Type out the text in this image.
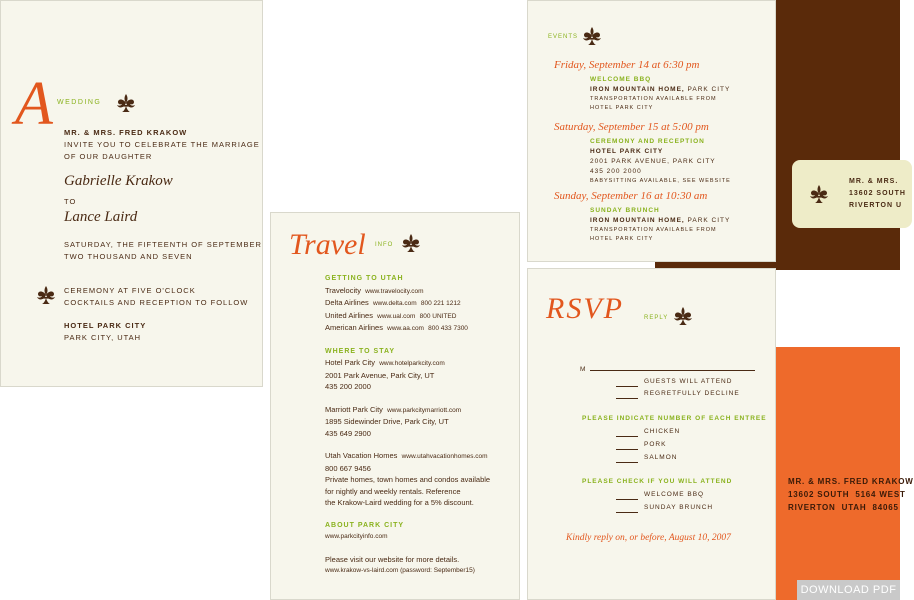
A WEDDING
MR. & MRS. FRED KRAKOW
INVITE YOU TO CELEBRATE THE MARRIAGE
OF OUR DAUGHTER
Gabrielle Krakow
TO
Lance Laird
SATURDAY, THE FIFTEENTH OF SEPTEMBER
TWO THOUSAND AND SEVEN
CEREMONY AT FIVE O'CLOCK
COCKTAILS AND RECEPTION TO FOLLOW
HOTEL PARK CITY
PARK CITY, UTAH
Travel INFO
GETTING TO UTAH
Travelocity www.travelocity.com
Delta Airlines www.delta.com 800 221 1212
United Airlines www.ual.com 800 UNITED
American Airlines www.aa.com 800 433 7300
WHERE TO STAY
Hotel Park City www.hotelparkcity.com
2001 Park Avenue, Park City, UT
435 200 2000
Marriott Park City www.parkcitymarriott.com
1895 Sidewinder Drive, Park City, UT
435 649 2900
Utah Vacation Homes www.utahvacationhomes.com
800 667 9456
Private homes, town homes and condos available
for nightly and weekly rentals. Reference
the Krakow-Laird wedding for a 5% discount.
ABOUT PARK CITY
www.parkcityinfo.com
Please visit our website for more details.
www.krakow-vs-laird.com (password: September15)
MR. & MRS.
13602 SOUTH
RIVERTON U
MR. & MRS. FRED KRAKOW
13602 SOUTH  5164 WEST
RIVERTON  UTAH  84065
EVENTS
Friday, September 14 at 6:30 pm
WELCOME BBQ
IRON MOUNTAIN HOME, PARK CITY
TRANSPORTATION AVAILABLE FROM
HOTEL PARK CITY
Saturday, September 15 at 5:00 pm
CEREMONY AND RECEPTION
HOTEL PARK CITY
2001 PARK AVENUE, PARK CITY
435 200 2000
BABYSITTING AVAILABLE, SEE WEBSITE
Sunday, September 16 at 10:30 am
SUNDAY BRUNCH
IRON MOUNTAIN HOME, PARK CITY
TRANSPORTATION AVAILABLE FROM
HOTEL PARK CITY
RSVP	REPLY
M
GUESTS WILL ATTEND
REGRETFULLY DECLINE
PLEASE INDICATE NUMBER OF EACH ENTREE
CHICKEN
PORK
SALMON
PLEASE CHECK IF YOU WILL ATTEND
WELCOME BBQ
SUNDAY BRUNCH
Kindly reply on, or before, August 10, 2007
DOWNLOAD PDF
